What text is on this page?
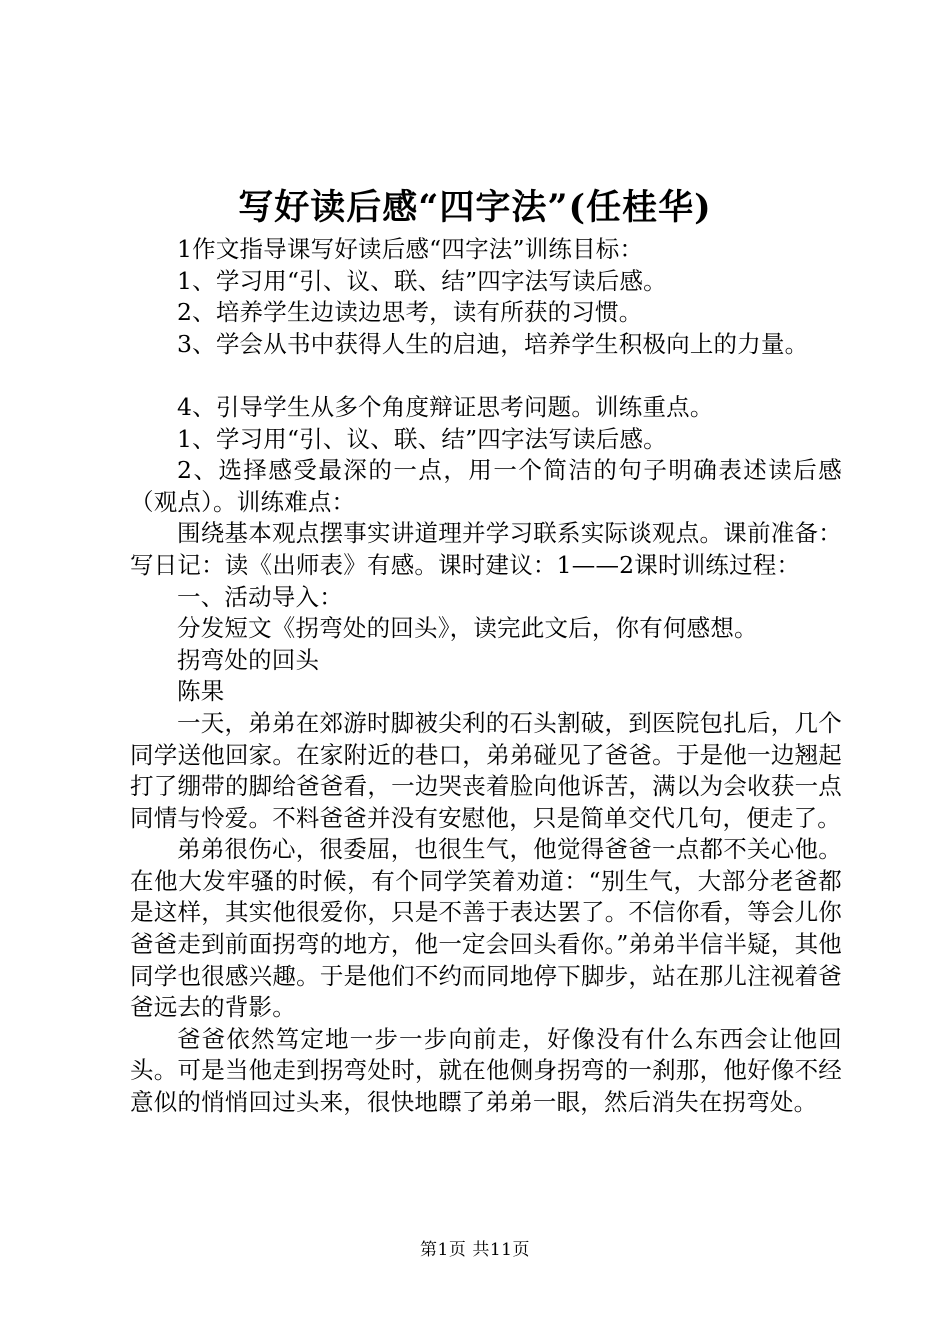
写好读后感“四字法”(任桂华)

1作文指导课写好读后感“四字法”训练目标：

1、学习用“引、议、联、结”四字法写读后感。

2、培养学生边读边思考，读有所获的习惯。

3、学会从书中获得人生的启迪，培养学生积极向上的力量。

4、引导学生从多个角度辩证思考问题。训练重点。

1、学习用“引、议、联、结”四字法写读后感。

2、选择感受最深的一点，用一个简洁的句子明确表述读后感（观点）。训练难点：

围绕基本观点摆事实讲道理并学习联系实际谈观点。课前准备：写日记：读《出师表》有感。课时建议：1——2课时训练过程：

一、活动导入：

分发短文《拐弯处的回头》，读完此文后，你有何感想。

拐弯处的回头

陈果

一天，弟弟在郊游时脚被尖利的石头割破，到医院包扎后，几个同学送他回家。在家附近的巷口，弟弟碰见了爸爸。于是他一边翘起打了绷带的脚给爸爸看，一边哭丧着脸向他诉苦，满以为会收获一点同情与怜爱。不料爸爸并没有安慰他，只是简单交代几句，便走了。

弟弟很伤心，很委屈，也很生气，他觉得爸爸一点都不关心他。在他大发牢骚的时候，有个同学笑着劝道：“别生气，大部分老爸都是这样，其实他很爱你，只是不善于表达罢了。不信你看，等会儿你爸爸走到前面拐弯的地方，他一定会回头看你。”弟弟半信半疑，其他同学也很感兴趣。于是他们不约而同地停下脚步，站在那儿注视着爸爸远去的背影。

爸爸依然笃定地一步一步向前走，好像没有什么东西会让他回头。可是当他走到拐弯处时，就在他侧身拐弯的一刹那，他好像不经意似的悄悄回过头来，很快地瞟了弟弟一眼，然后消失在拐弯处。

第1页 共11页
